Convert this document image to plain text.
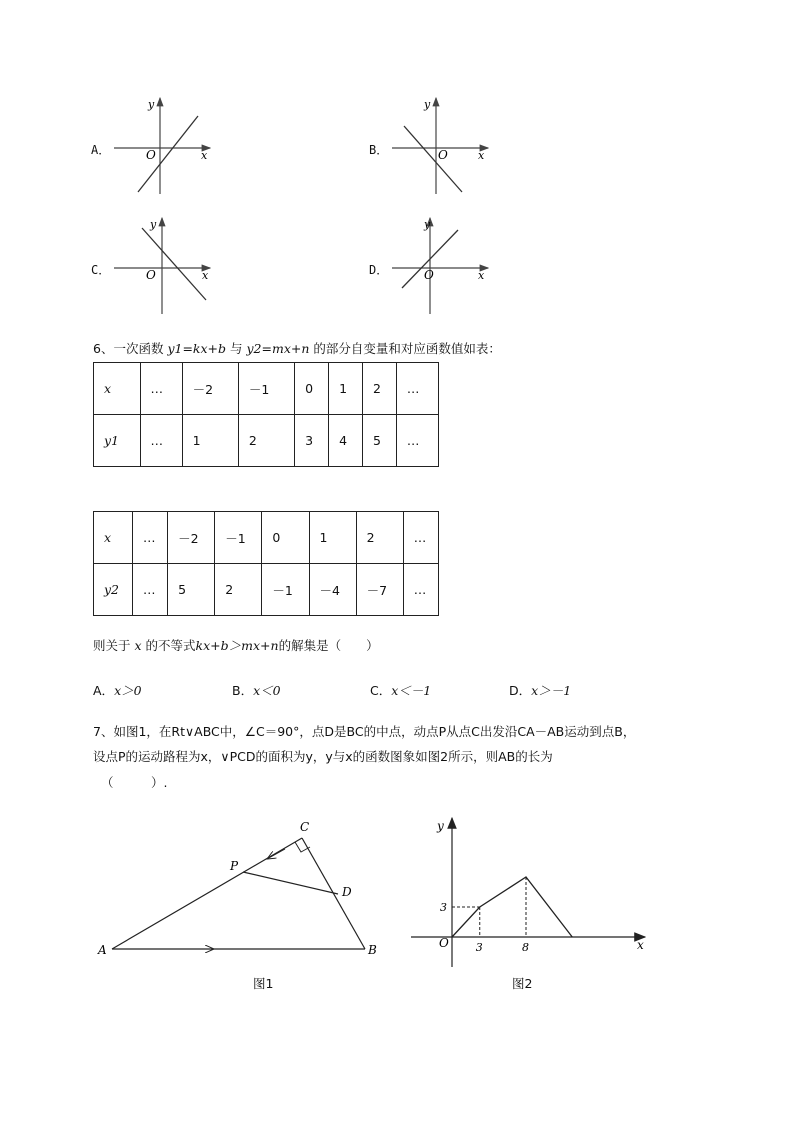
A．
y
x
O	B．
y
x
O
C．
y
x
O	D．
y
x
O
6、一次函数 y1=kx+b 与 y2=mx+n 的部分自变量和对应函数值如表：
x	…	－2	－1	0	1	2	…
y1	…	1	2	3	4	5	…
x	…	－2	－1	0	1	2	…
y2	…	5	2	－1	－4	－7	…
则关于 x 的不等式kx+b＞mx+n的解集是（　　）
A．x＞0	B．x＜0	C．x＜－1	D．x＞－1
7、如图1，在Rt∨ABC中，∠C＝90°，点D是BC的中点，动点P从点C出发沿CA－AB运动到点B，
设点P的运动路程为x，∨PCD的面积为y，y与x的函数图象如图2所示，则AB的长为
（　　　）.
A	B
C
D
P
图1
y
x
O 3	8
3
图2
